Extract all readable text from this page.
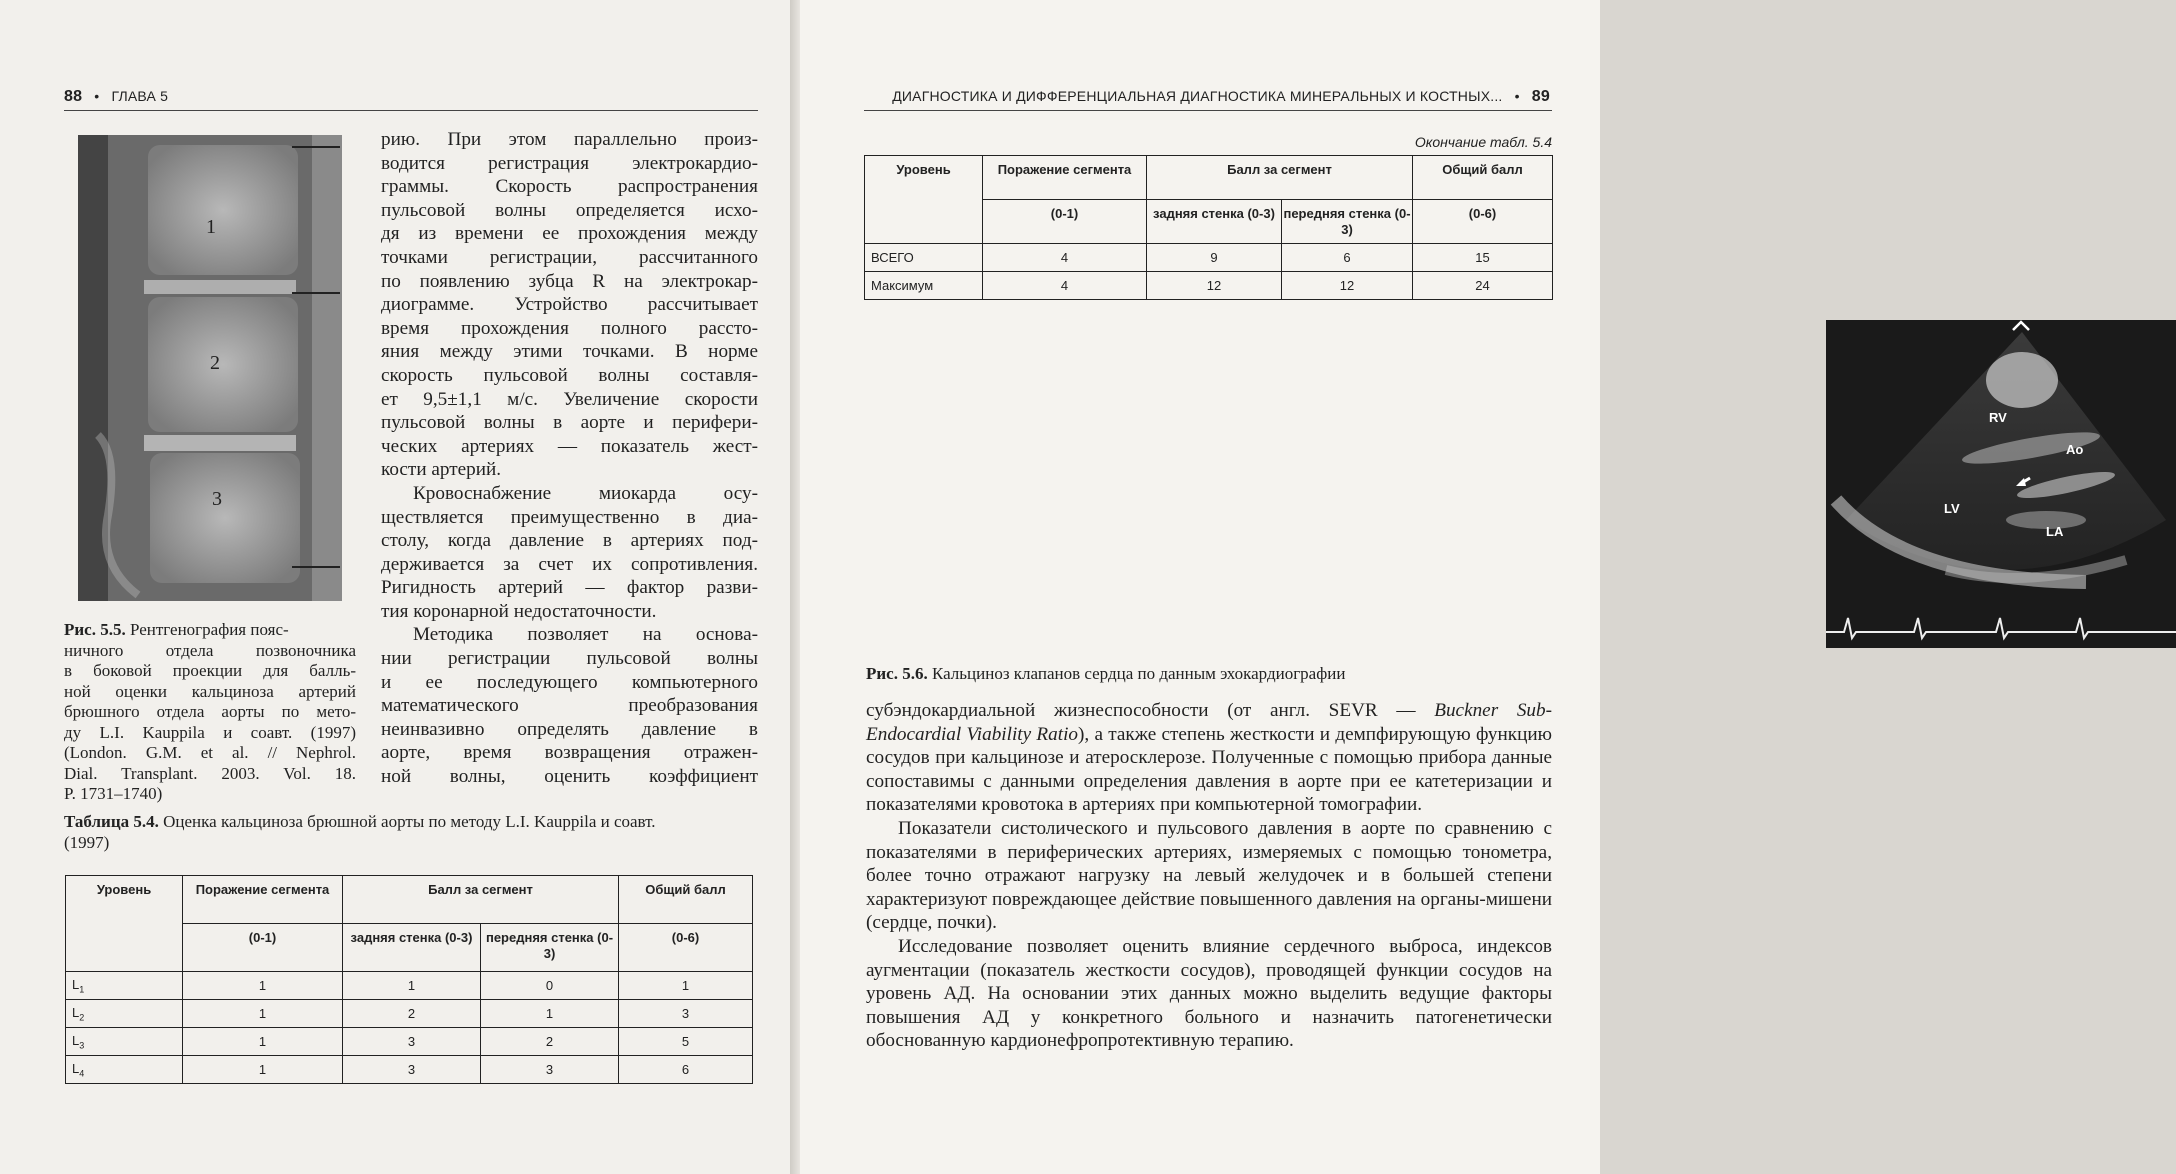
88 • ГЛАВА 5
1
2
3
Рис. 5.5. Рентгенография пояс-
ничного отдела позвоночника
в боковой проекции для балль-
ной оценки кальциноза артерий
брюшного отдела аорты по мето-
ду L.I. Kauppila и соавт. (1997)
(London. G.M. et al. // Nephrol.
Dial. Transplant. 2003. Vol. 18.
P. 1731–1740)
рию. При этом параллельно произ-
водится регистрация электрокардио-
граммы. Скорость распространения
пульсовой волны определяется исхо-
дя из времени ее прохождения между
точками регистрации, рассчитанного
по появлению зубца R на электрокар-
диограмме. Устройство рассчитывает
время прохождения полного рассто-
яния между этими точками. В норме
скорость пульсовой волны составля-
ет 9,5±1,1 м/с. Увеличение скорости
пульсовой волны в аорте и перифери-
ческих артериях — показатель жест-
кости артерий.
Кровоснабжение миокарда осу-
ществляется преимущественно в диа-
столу, когда давление в артериях под-
держивается за счет их сопротивления.
Ригидность артерий — фактор разви-
тия коронарной недостаточности.
Методика позволяет на основа-
нии регистрации пульсовой волны
и ее последующего компьютерного
математического преобразования
неинвазивно определять давление в
аорте, время возвращения отражен-
ной волны, оценить коэффициент
Таблица 5.4. Оценка кальциноза брюшной аорты по методу L.I. Kauppila и соавт.
(1997)
Уровень	Поражение сегмента	Балл за сегмент		Общий балл
	(0-1)	задняя стенка (0-3)	передняя стенка (0-3)	(0-6)
$L_1$	1	1	0	1
$L_2$	1	2	1	3
$L_3$	1	3	2	5
$L_4$	1	3	3	6
ДИАГНОСТИКА И ДИФФЕРЕНЦИАЛЬНАЯ ДИАГНОСТИКА МИНЕРАЛЬНЫХ И КОСТНЫХ... • 89
Окончание табл. 5.4
Уровень	Поражение сегмента	Балл за сегмент		Общий балл
	(0-1)	задняя стенка (0-3)	передняя стенка (0-3)	(0-6)
ВСЕГО	4	9	6	15
Максимум	4	12	12	24
RV
Ao
LV
LA
Рис. 5.6. Кальциноз клапанов сердца по данным эхокардиографии

субэндокардиальной жизнеспособности (от англ. SEVR — Buckner Sub- Endocardial Viability Ratio), а также степень жесткости и демпфирующую функцию сосудов при кальцинозе и атеросклерозе. Полученные с помощью прибора данные сопоставимы с данными определения давления в аорте при ее катетеризации и показателями кровотока в артериях при компьютерной томографии.

Показатели систолического и пульсового давления в аорте по сравнению с показателями в периферических артериях, измеряемых с помощью тонометра, более точно отражают нагрузку на левый желудочек и в большей степени характеризуют повреждающее действие повышенного давления на органы-мишени (сердце, почки).

Исследование позволяет оценить влияние сердечного выброса, индексов аугментации (показатель жесткости сосудов), проводящей функции сосудов на уровень АД. На основании этих данных можно выделить ведущие факторы повышения АД у конкретного больного и назначить патогенетически обоснованную кардионефропротективную терапию.
